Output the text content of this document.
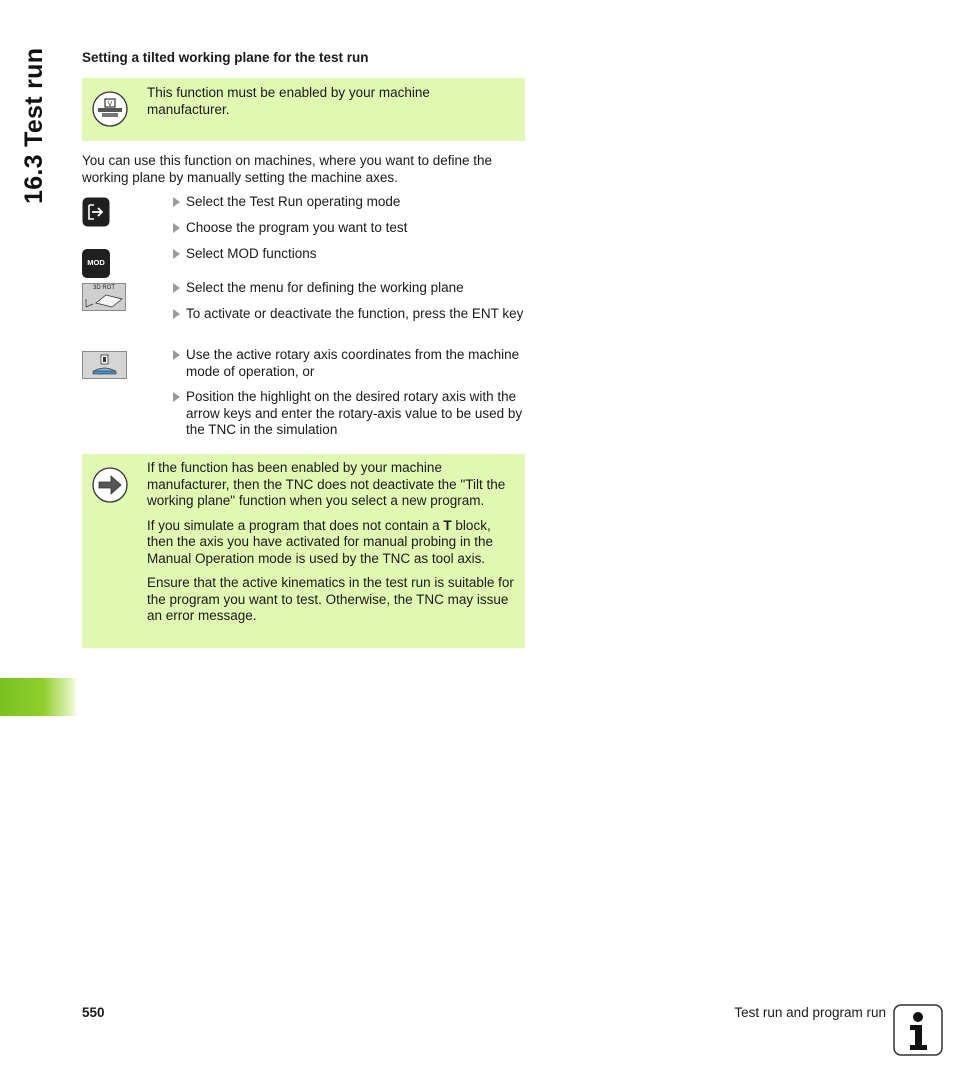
16.3 Test run	Setting a tilted working plane for the test run
V

This function must be enabled by your machine manufacturer.

You can use this function on machines, where you want to define the working plane by manually setting the machine axes.
MOD
3D ROT
Select the Test Run operating mode
Choose the program you want to test
Select MOD functions
Select the menu for defining the working plane
To activate or deactivate the function, press the ENT key
Use the active rotary axis coordinates from the machine mode of operation, or
Position the highlight on the desired rotary axis with the arrow keys and enter the rotary-axis value to be used by the TNC in the simulation

If the function has been enabled by your machine manufacturer, then the TNC does not deactivate the "Tilt the working plane" function when you select a new program.

If you simulate a program that does not contain a T block, then the axis you have activated for manual probing in the Manual Operation mode is used by the TNC as tool axis.

Ensure that the active kinematics in the test run is suitable for the program you want to test. Otherwise, the TNC may issue an error message.

550	Test run and program run
